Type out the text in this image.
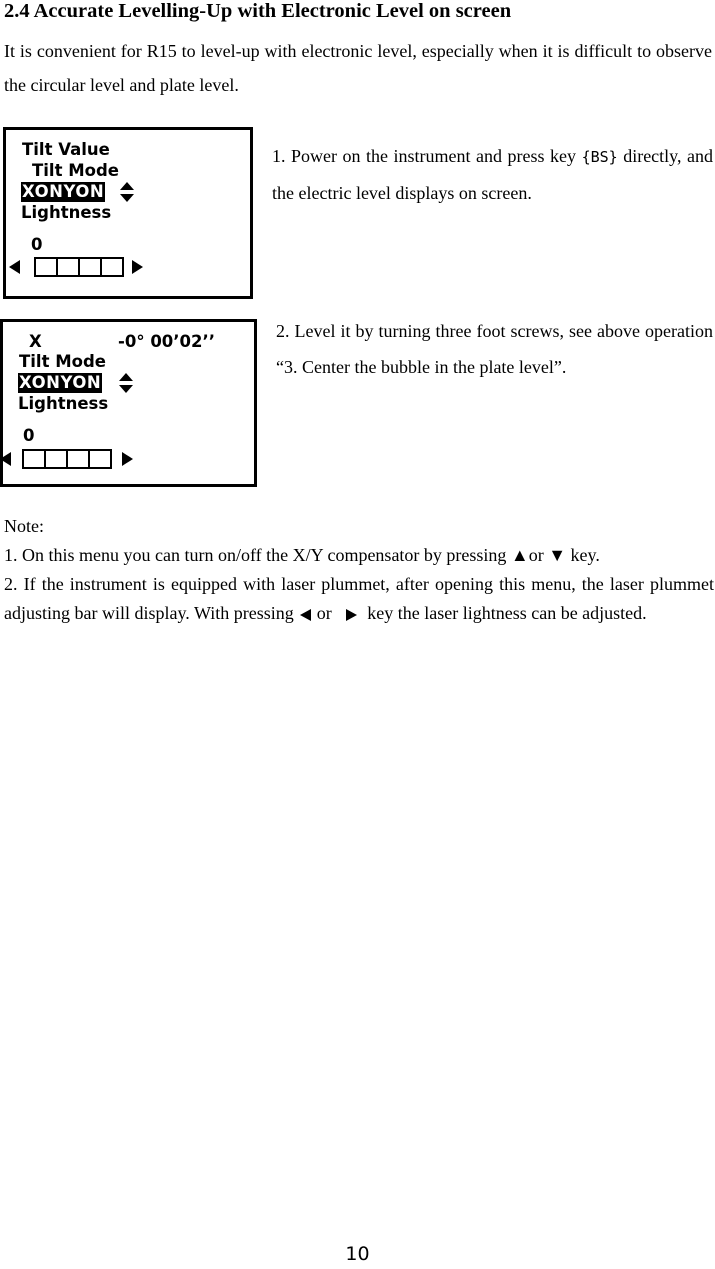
2.4 Accurate Levelling-Up with Electronic Level on screen
It is convenient for R15 to level-up with electronic level, especially when it is difficult to observe the circular level and plate level.
Tilt Value
Tilt Mode
XONYON
Lightness
0
1. Power on the instrument and press key {BS} directly, and the electric level displays on screen.
X	-0° 00’02’’
Tilt Mode
XONYON
Lightness
0
2. Level it by turning three foot screws, see above operation “3. Center the bubble in the plate level”.

Note:

1. On this menu you can turn on/off the X/Y compensator by pressing ▲or ▼ key.

2. If the instrument is equipped with laser plummet, after opening this menu, the laser plummet adjusting bar will display. With pressing or key the laser lightness can be adjusted.

10
